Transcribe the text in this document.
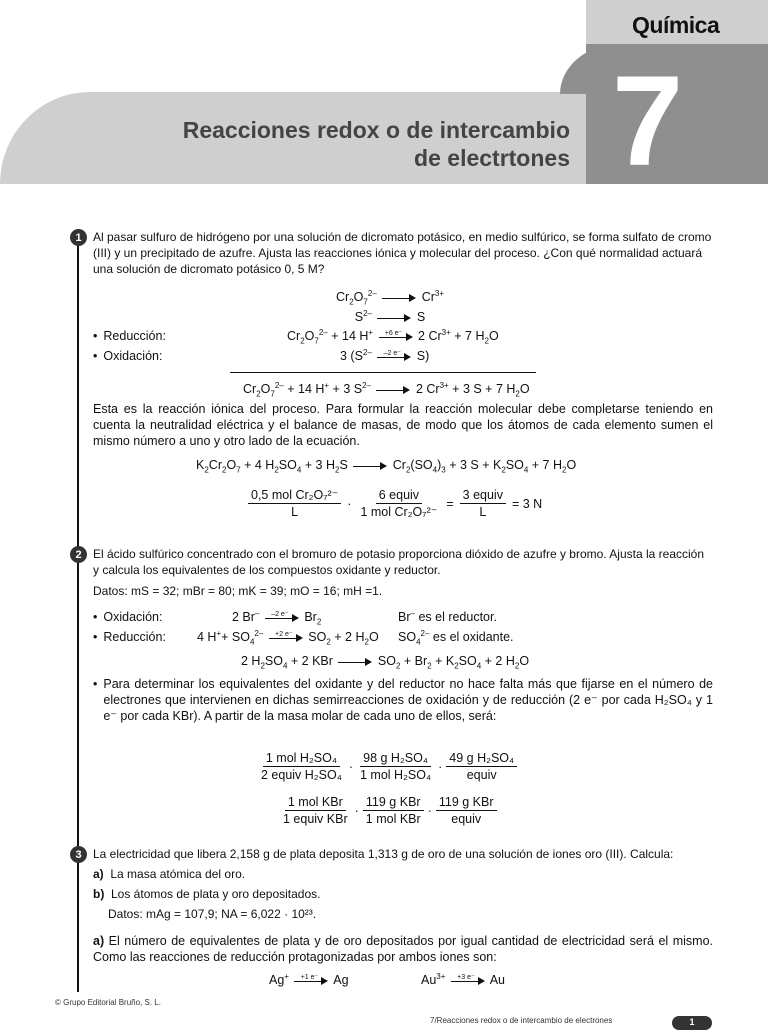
Química
7
Reacciones redox o de intercambio
de electrtones
1 Al pasar sulfuro de hidrógeno por una solución de dicromato potásico, en medio sulfúrico, se forma sulfato de cromo (III) y un precipitado de azufre. Ajusta las reacciones iónica y molecular del proceso. ¿Con qué normalidad actuará una solución de dicromato potásico 0, 5 M?
$Cr_2O_7^{2-}$	$Cr^{3+}$
$S^{2-}$	S
• Reducción:	$Cr_2O_7^{2-} + 14$ H+	+6 e⁻ 2 $Cr^{3+} + 7$ $H_2O$
• Oxidación:	3 ($S^{2-}$	–2 e⁻ S)
$Cr_2O_7^{2-} + 14$ H+ + 3 $S^{2-}$	2 $Cr^{3+} + 3$ S + 7 $H_2O$
Esta es la reacción iónica del proceso. Para formular la reacción molecular debe completarse teniendo en cuenta la neutralidad eléctrica y el balance de masas, de modo que los átomos de cada elemento sumen el mismo número a uno y otro lado de la ecuación.
$K_2Cr_2O_7 + 4$ $H_2SO_4 + 3$ $H_2S$	$Cr_2(SO_4)_3 + 3$ $S + K_2SO_4 + 7$ $H_2O$
$\frac{\text{0,5 mol Cr₂O₇²⁻}}{L} \cdot \frac{\text{6 equiv}}{\text{1 mol Cr₂O₇²⁻}} = \frac{\text{3 equiv}}{L} = 3$ N
2 El ácido sulfúrico concentrado con el bromuro de potasio proporciona dióxido de azufre y bromo. Ajusta la reacción y calcula los equivalentes de los compuestos oxidante y reductor.
Datos: mS = 32; mBr = 80; mK = 39; mO = 16; mH =1.
• Oxidación:	2 Br–	–2 e⁻ $Br_2$	Br– es el reductor.
• Reducción: 4 $H^++ SO_4^{2-}$	+2 e⁻ $SO_2 + 2$ $H_2O$ $SO_4^{2-}$ es el oxidante.
2 $H_2SO_4 + 2$ KBr	$SO_2 + Br_2 + K_2SO_4 + 2$ $H_2O$
• Para determinar los equivalentes del oxidante y del reductor no hace falta más que fijarse en el número de electrones que intervienen en dichas semirreacciones de oxidación y de reducción (2 e⁻ por cada H₂SO₄ y 1 e⁻ por cada KBr). A partir de la masa molar de cada uno de ellos, será:
$\frac{\text{1 mol H₂SO₄}}{\text{2 equiv H₂SO₄}} \cdot \frac{\text{98 g H₂SO₄}}{\text{1 mol H₂SO₄}} \cdot \frac{\text{49 g H₂SO₄}}{\text{equiv}}$
$\frac{\text{1 mol KBr}}{\text{1 equiv KBr}} \cdot \frac{\text{119 g KBr}}{\text{1 mol KBr}} \cdot \frac{\text{119 g KBr}}{\text{equiv}}$
3 La electricidad que libera 2,158 g de plata deposita 1,313 g de oro de una solución de iones oro (III). Calcula:
a) La masa atómica del oro.
b) Los átomos de plata y oro depositados.
Datos: mAg = 107,9; NA = 6,022 · 10²³.
a) El número de equivalentes de plata y de oro depositados por igual cantidad de electricidad será el mismo. Como las reacciones de reducción protagonizadas por ambos iones son:
Ag+	+1 e⁻ Ag	$Au^{3+}$	+3 e⁻ Au
© Grupo Editorial Bruño, S. L.
7/Reacciones redox o de intercambio de electrones	1
